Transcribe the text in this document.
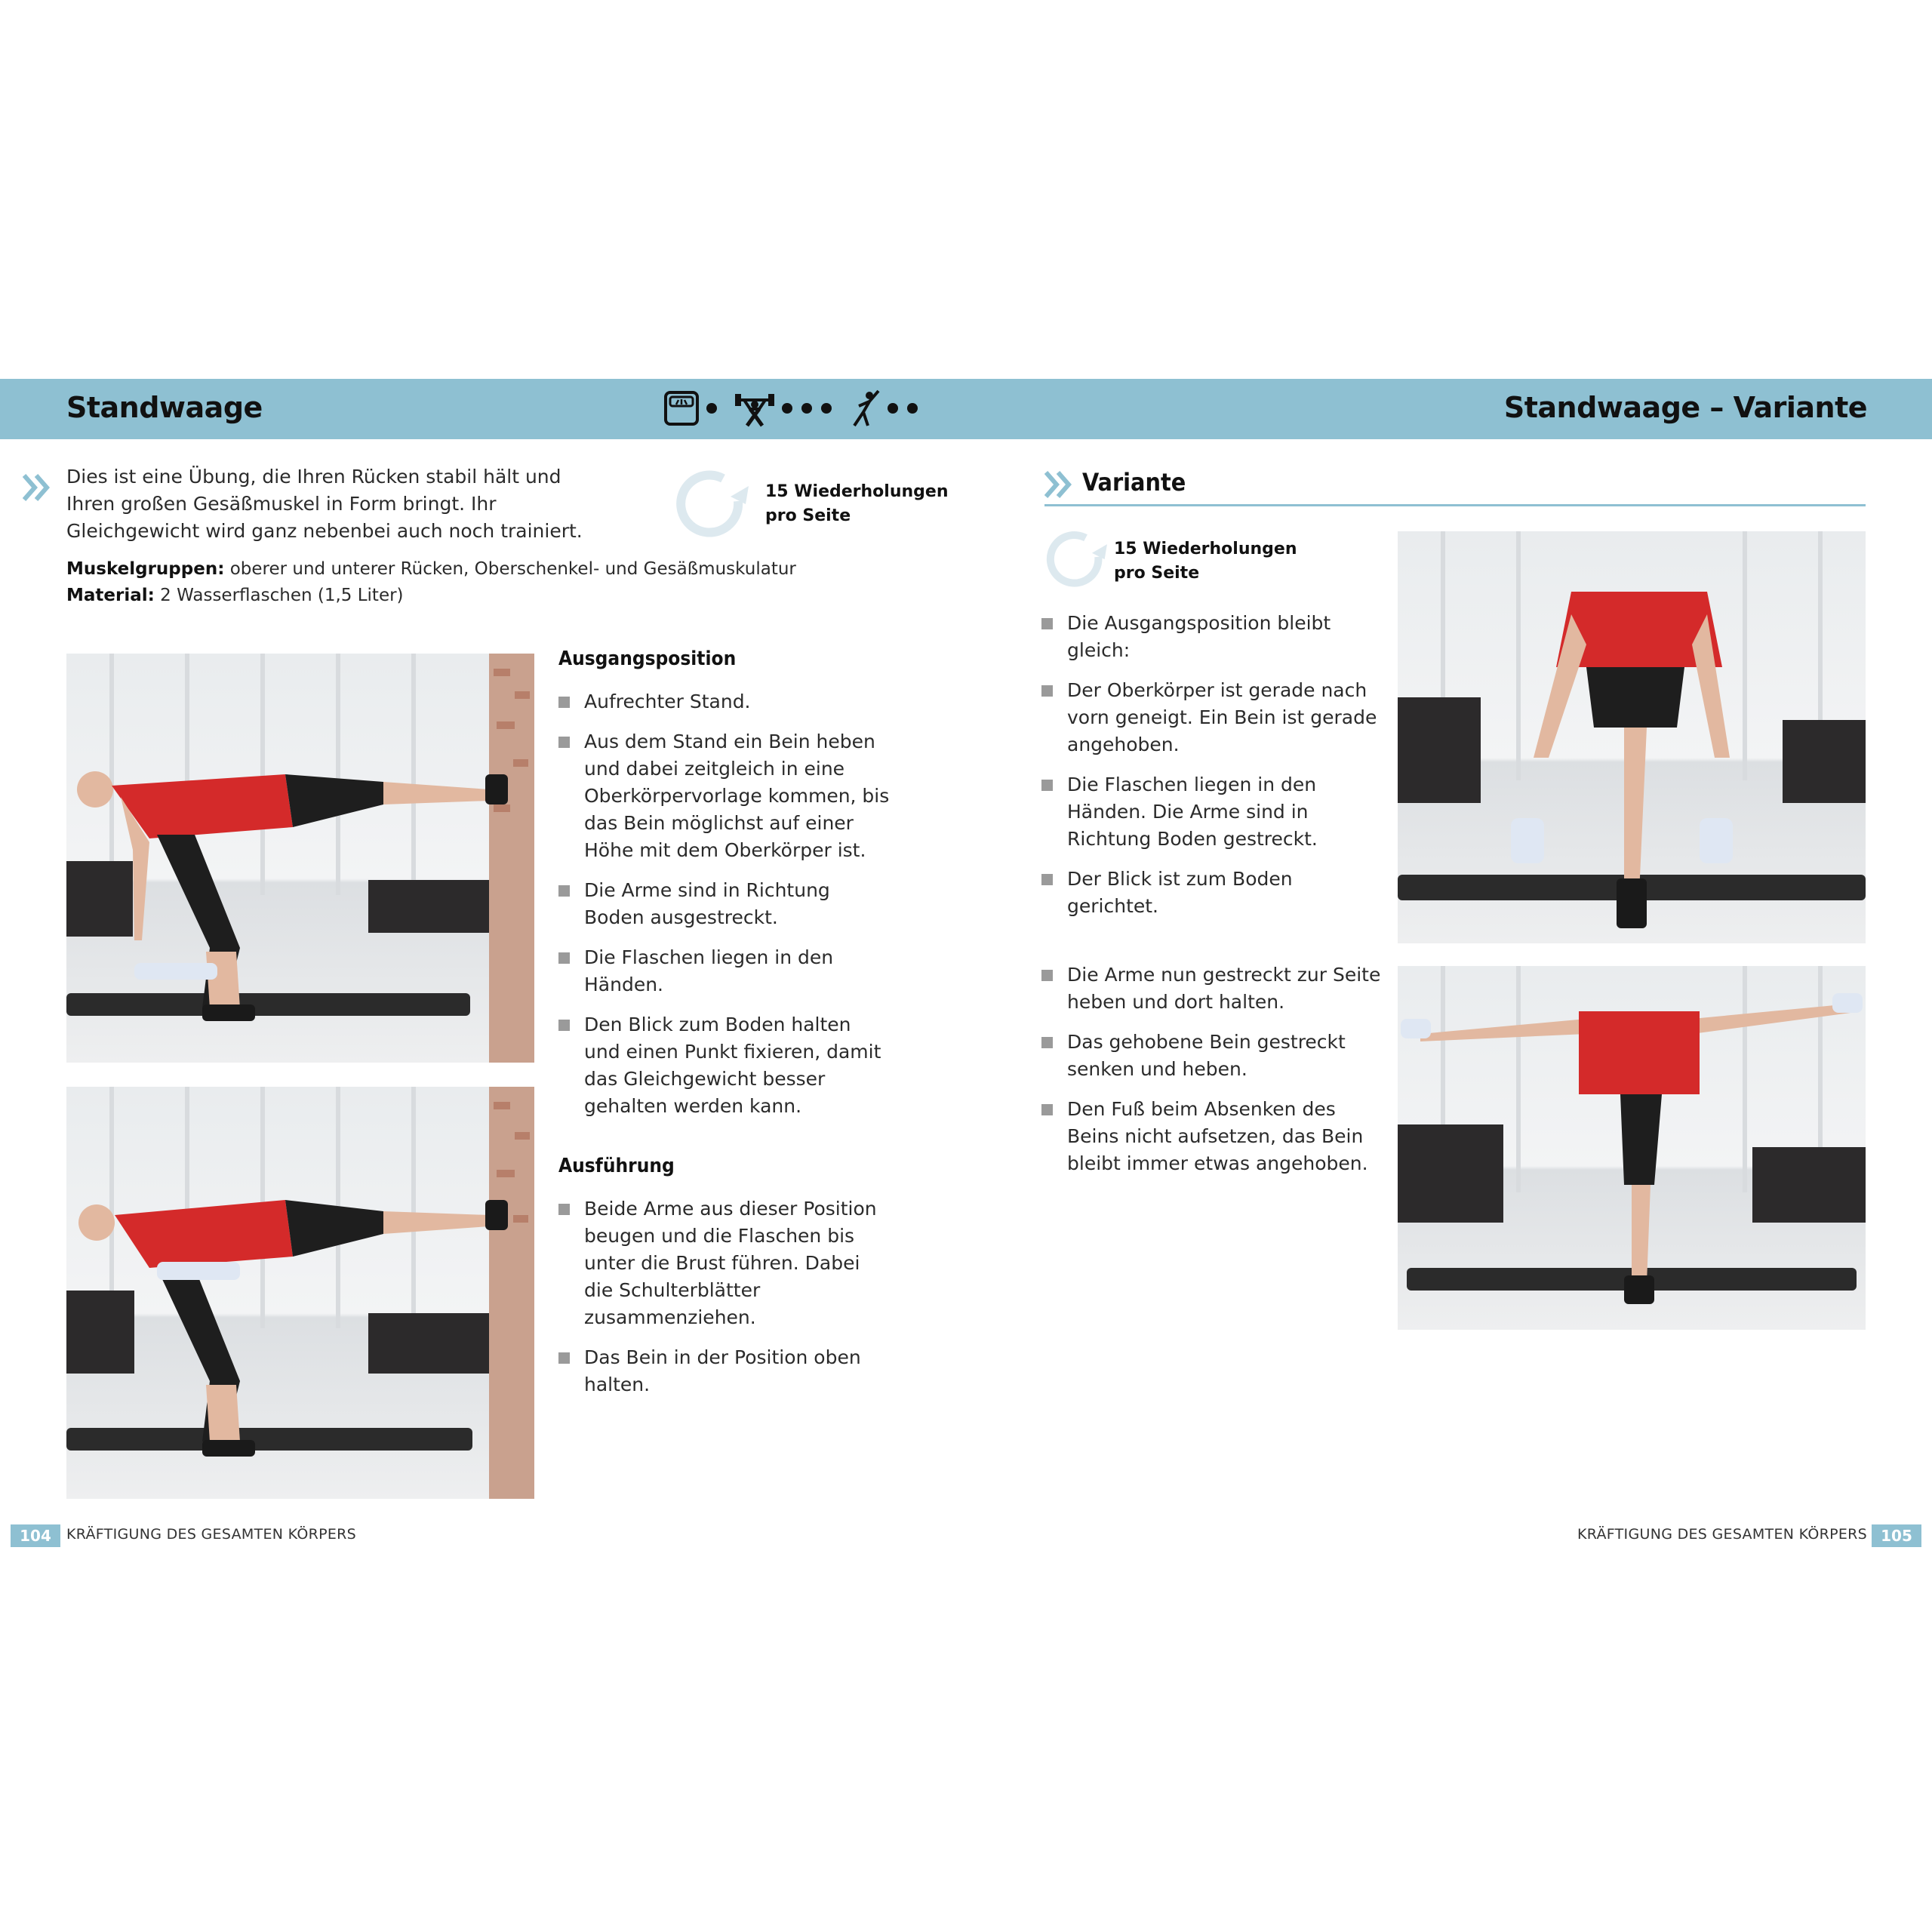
Standwaage	Standwaage – Variante
Dies ist eine Übung, die Ihren Rücken stabil hält und Ihren großen Gesäßmuskel in Form bringt. Ihr Gleichgewicht wird ganz nebenbei auch noch trainiert.
15 Wiederholungen
pro Seite
Muskelgruppen: oberer und unterer Rücken, Oberschenkel- und Gesäßmuskulatur
Material: 2 Wasserflaschen (1,5 Liter)
Ausgangsposition
Aufrechter Stand.
Aus dem Stand ein Bein heben und dabei zeitgleich in eine Oberkörpervorlage kommen, bis das Bein möglichst auf einer Höhe mit dem Oberkörper ist.
Die Arme sind in Richtung Boden ausgestreckt.
Die Flaschen liegen in den Händen.
Den Blick zum Boden halten und einen Punkt fixieren, damit das Gleichgewicht besser gehalten werden kann.
Ausführung
Beide Arme aus dieser Position beugen und die Flaschen bis unter die Brust führen. Dabei die Schulterblätter zusammenziehen.
Das Bein in der Position oben halten.
Variante
15 Wiederholungen
pro Seite
Die Ausgangsposition bleibt gleich:
Der Oberkörper ist gerade nach vorn geneigt. Ein Bein ist gerade angehoben.
Die Flaschen liegen in den Händen. Die Arme sind in Richtung Boden gestreckt.
Der Blick ist zum Boden gerichtet.
Die Arme nun gestreckt zur Seite heben und dort halten.
Das gehobene Bein gestreckt senken und heben.
Den Fuß beim Absenken des Beins nicht aufsetzen, das Bein bleibt immer etwas angehoben.
104	KRÄFTIGUNG DES GESAMTEN KÖRPERS	KRÄFTIGUNG DES GESAMTEN KÖRPERS 105
